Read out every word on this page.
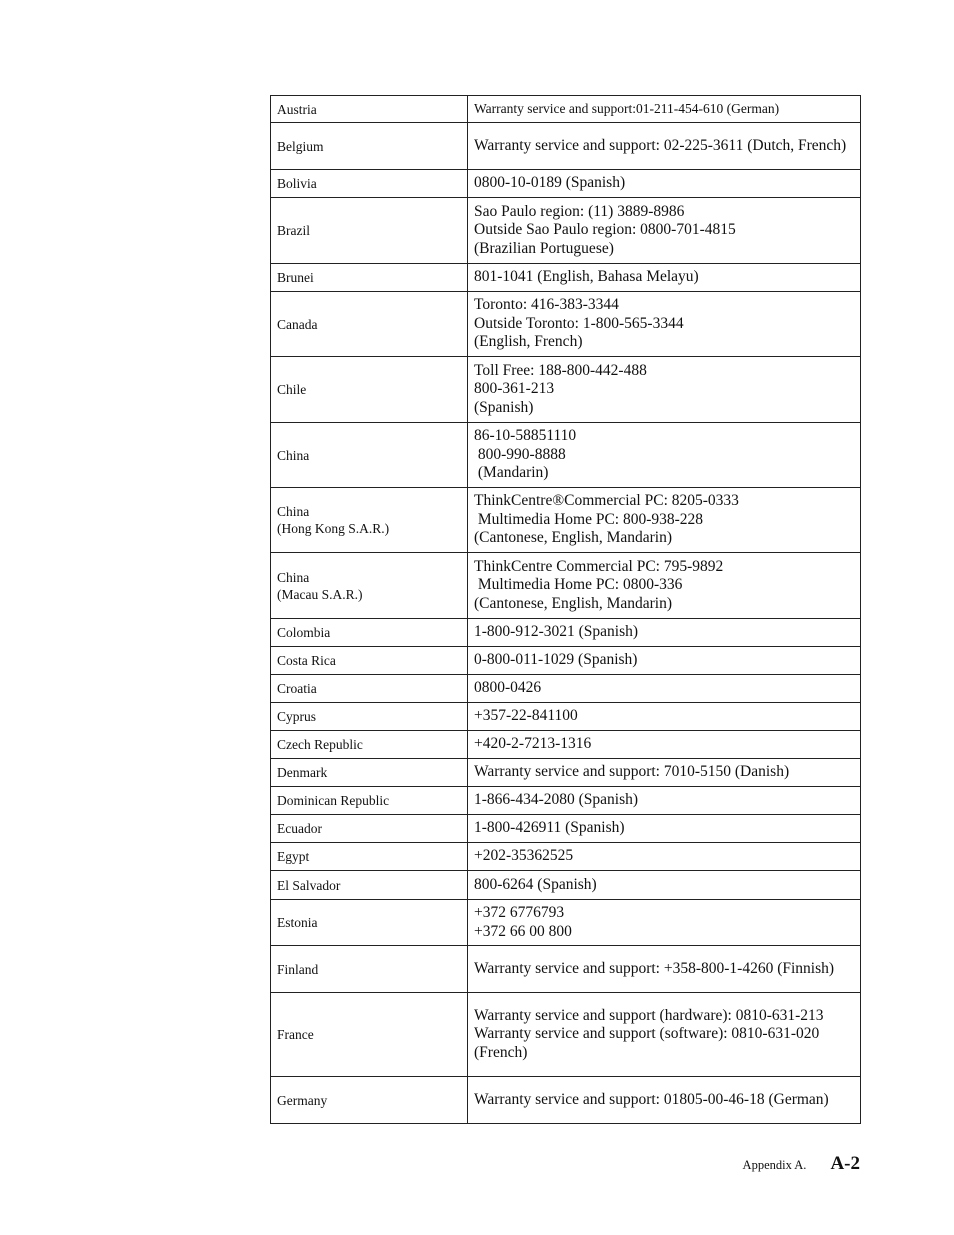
Austria	Warranty service and support:01-211-454-610 (German)

Belgium	Warranty service and support: 02-225-3611 (Dutch, French)

Bolivia	0800-10-0189 (Spanish)

Brazil	Sao Paulo region: (11) 3889-8986
Outside Sao Paulo region: 0800-701-4815
(Brazilian Portuguese)

Brunei	801-1041 (English, Bahasa Melayu)

Canada	Toronto: 416-383-3344
Outside Toronto: 1-800-565-3344
(English, French)

Chile	Toll Free: 188-800-442-488
800-361-213
(Spanish)

China	86-10-58851110
800-990-8888
(Mandarin)

China
(Hong Kong S.A.R.)	ThinkCentre®Commercial PC: 8205-0333
Multimedia Home PC: 800-938-228
(Cantonese, English, Mandarin)

China
(Macau S.A.R.)	ThinkCentre Commercial PC: 795-9892
Multimedia Home PC: 0800-336
(Cantonese, English, Mandarin)

Colombia	1-800-912-3021 (Spanish)

Costa Rica	0-800-011-1029 (Spanish)

Croatia	0800-0426

Cyprus	+357-22-841100

Czech Republic	+420-2-7213-1316

Denmark	Warranty service and support: 7010-5150 (Danish)

Dominican Republic	1-866-434-2080 (Spanish)

Ecuador	1-800-426911 (Spanish)

Egypt	+202-35362525

El Salvador	800-6264 (Spanish)

Estonia	+372 6776793
+372 66 00 800

Finland	Warranty service and support: +358-800-1-4260 (Finnish)

France	Warranty service and support (hardware): 0810-631-213
Warranty service and support (software): 0810-631-020 (French)

Germany	Warranty service and support: 01805-00-46-18 (German)
Appendix A. A-2
